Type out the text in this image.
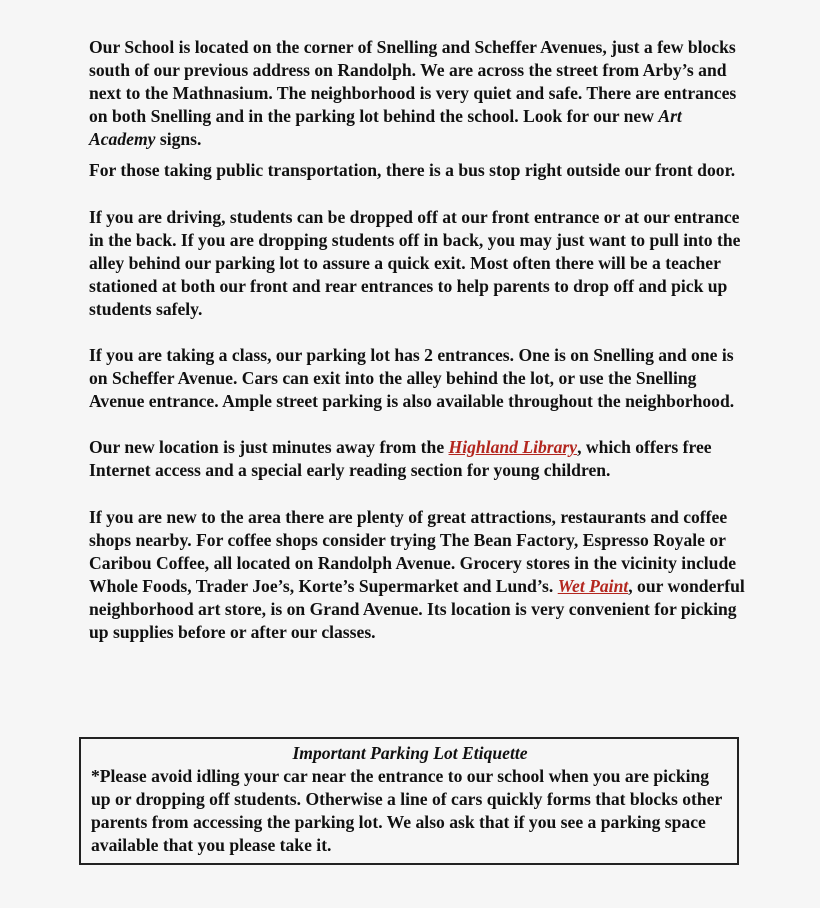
Our School is located on the corner of Snelling and Scheffer Avenues, just a few blocks south of our previous address on Randolph. We are across the street from Arby’s and next to the Mathnasium. The neighborhood is very quiet and safe. There are entrances on both Snelling and in the parking lot behind the school. Look for our new Art Academy signs.

For those taking public transportation, there is a bus stop right outside our front door.

If you are driving, students can be dropped off at our front entrance or at our entrance in the back. If you are dropping students off in back, you may just want to pull into the alley behind our parking lot to assure a quick exit. Most often there will be a teacher stationed at both our front and rear entrances to help parents to drop off and pick up students safely.

If you are taking a class, our parking lot has 2 entrances. One is on Snelling and one is on Scheffer Avenue. Cars can exit into the alley behind the lot, or use the Snelling Avenue entrance. Ample street parking is also available throughout the neighborhood.

Our new location is just minutes away from the Highland Library, which offers free Internet access and a special early reading section for young children.

If you are new to the area there are plenty of great attractions, restaurants and coffee shops nearby. For coffee shops consider trying The Bean Factory, Espresso Royale or Caribou Coffee, all located on Randolph Avenue. Grocery stores in the vicinity include Whole Foods, Trader Joe’s, Korte’s Supermarket and Lund’s. Wet Paint, our wonderful neighborhood art store, is on Grand Avenue. Its location is very convenient for picking up supplies before or after our classes.

Important Parking Lot Etiquette
*Please avoid idling your car near the entrance to our school when you are picking up or dropping off students. Otherwise a line of cars quickly forms that blocks other parents from accessing the parking lot. We also ask that if you see a parking space available that you please take it.
